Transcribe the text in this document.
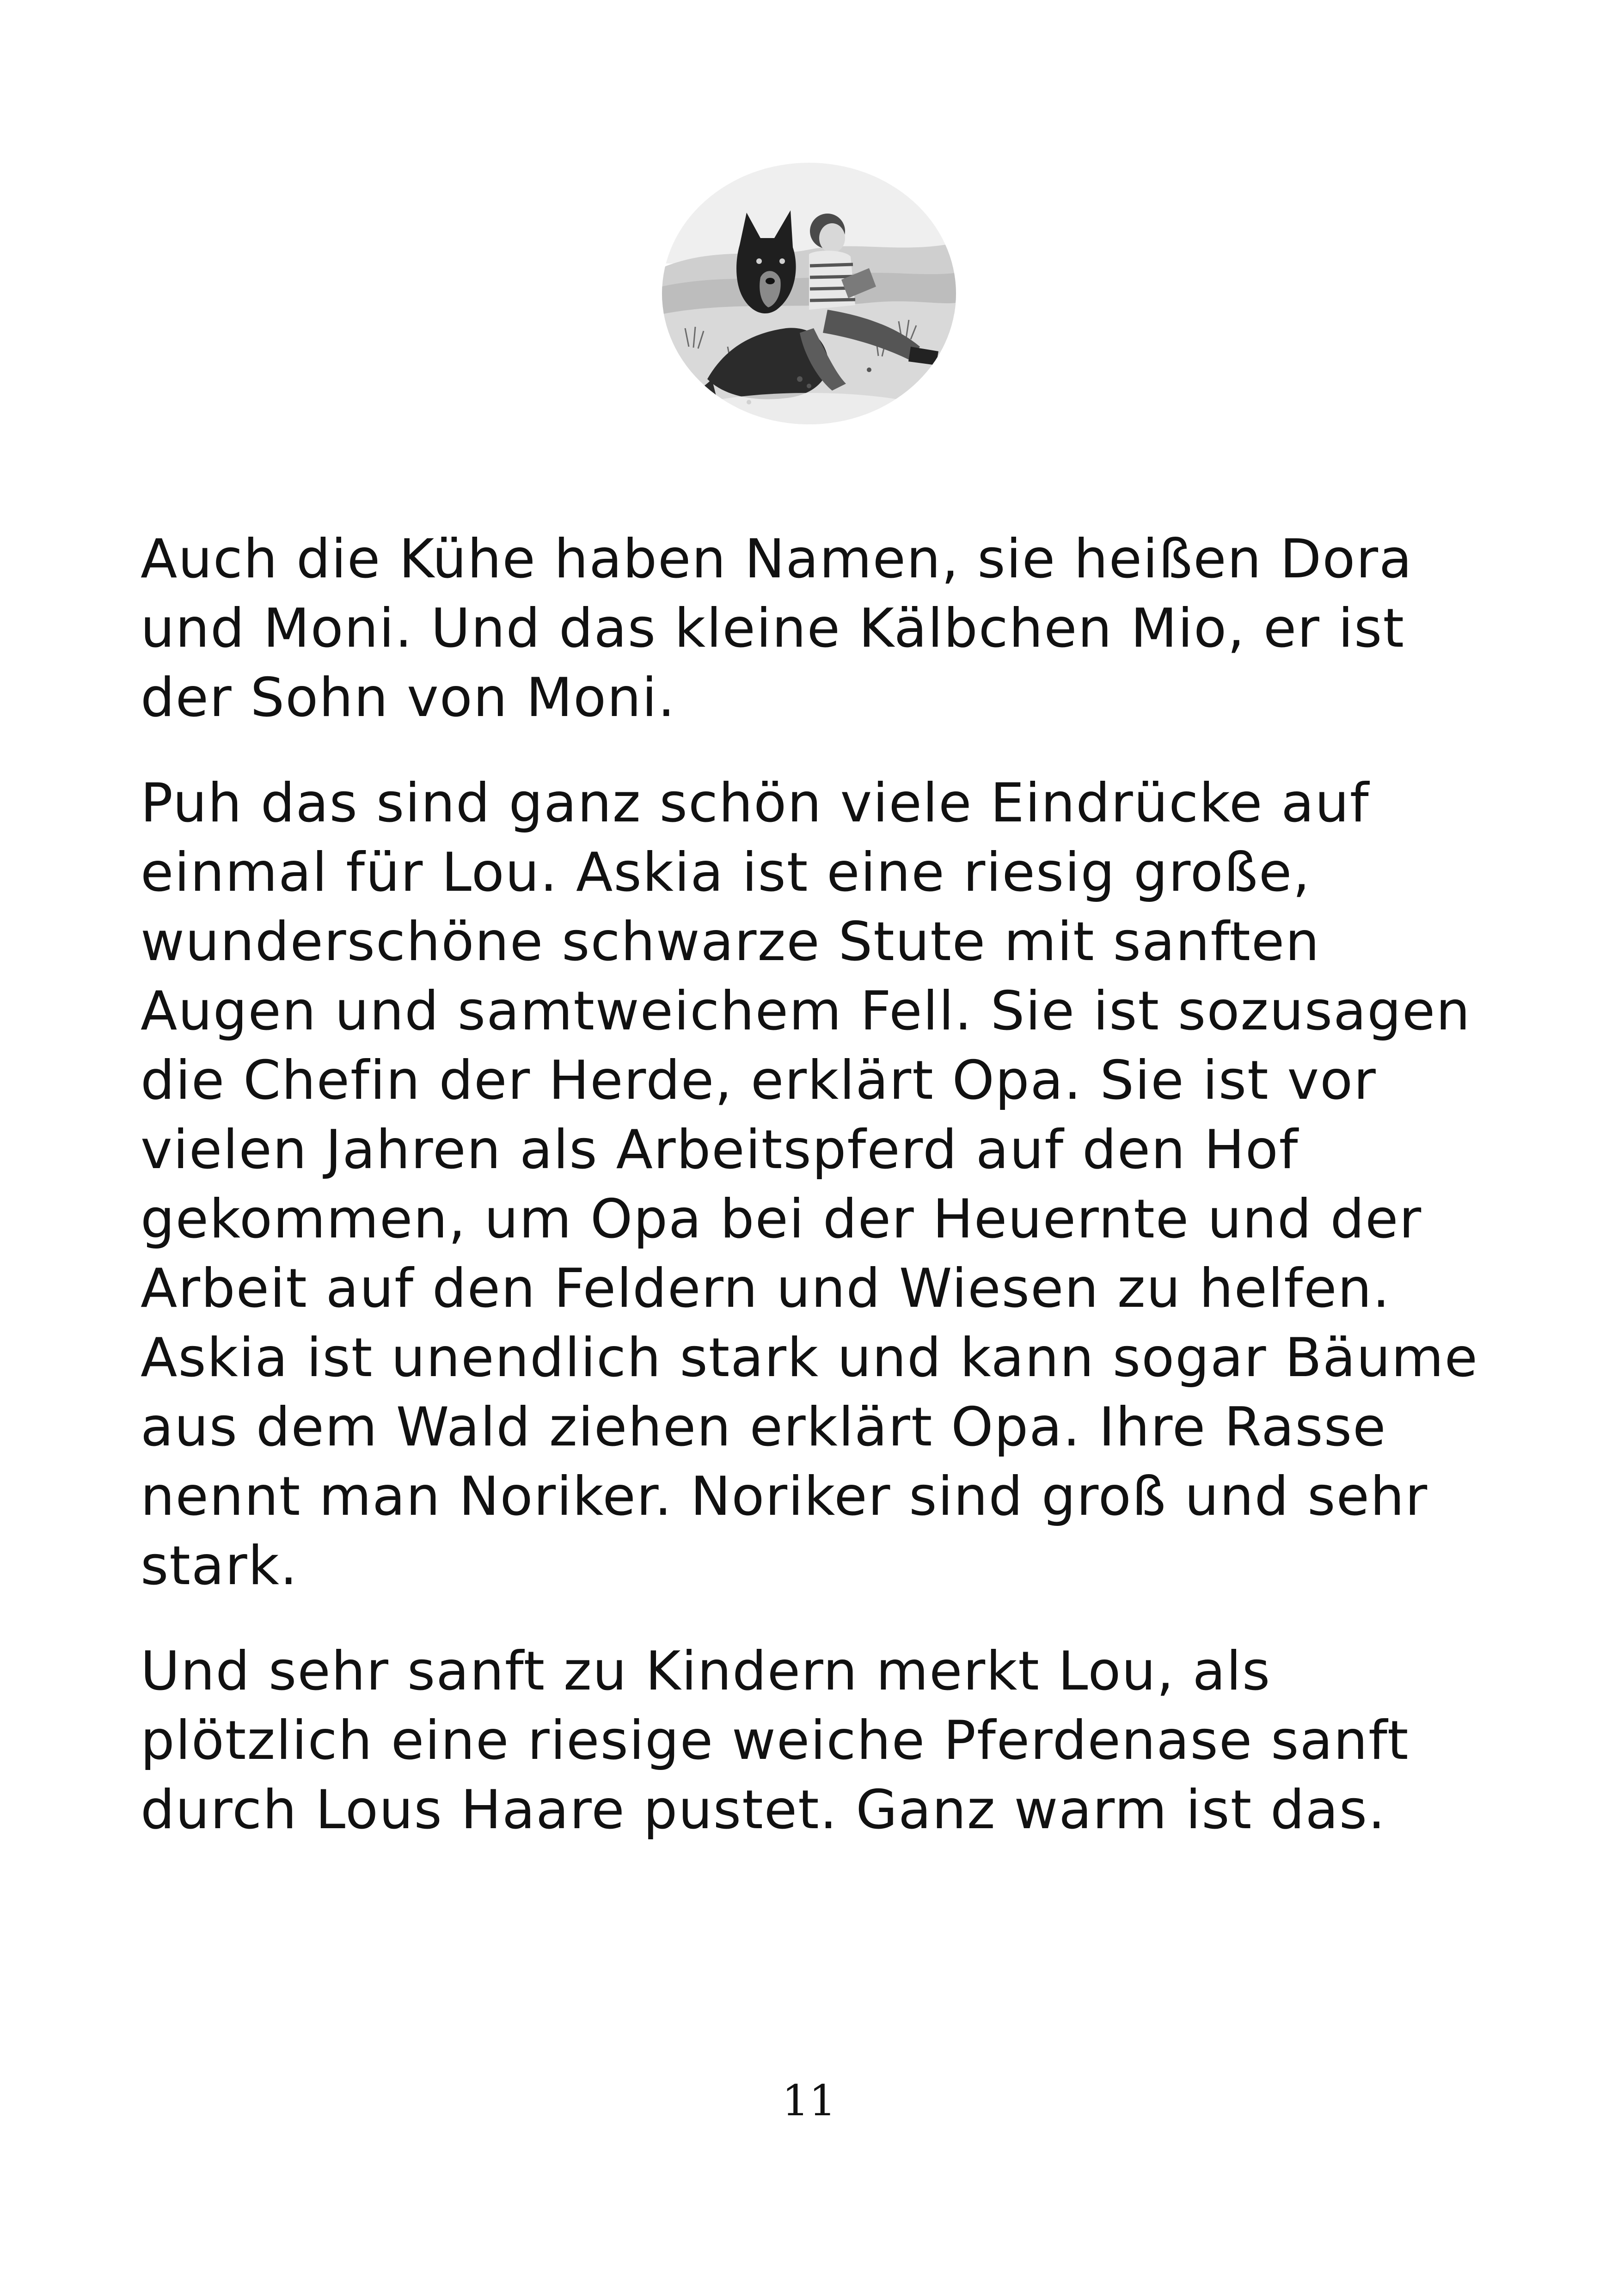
Auch die Kühe haben Namen, sie heißen Dora
und Moni. Und das kleine Kälbchen Mio, er ist
der Sohn von Moni.

Puh das sind ganz schön viele Eindrücke auf
einmal für Lou. Askia ist eine riesig große,
wunderschöne schwarze Stute mit sanften
Augen und samtweichem Fell. Sie ist sozusagen
die Chefin der Herde, erklärt Opa. Sie ist vor
vielen Jahren als Arbeitspferd auf den Hof
gekommen, um Opa bei der Heuernte und der
Arbeit auf den Feldern und Wiesen zu helfen.
Askia ist unendlich stark und kann sogar Bäume
aus dem Wald ziehen erklärt Opa. Ihre Rasse
nennt man Noriker. Noriker sind groß und sehr
stark.

Und sehr sanft zu Kindern merkt Lou, als
plötzlich eine riesige weiche Pferdenase sanft
durch Lous Haare pustet. Ganz warm ist das.

11
